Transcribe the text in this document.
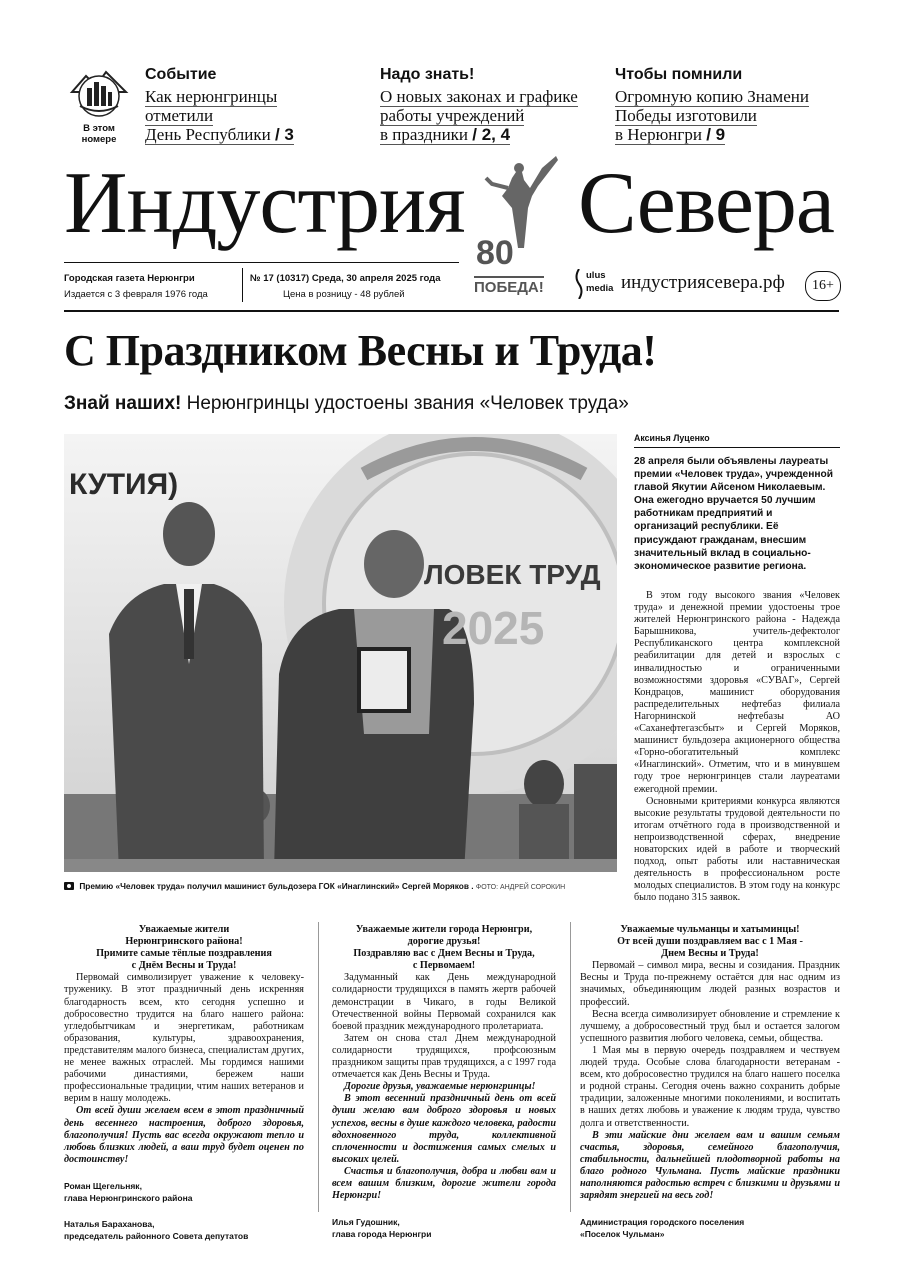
В этом номере
Событие
Как нерюнгринцы
отметили
День Республики / 3
Надо знать!
О новых законах и графике
работы учреждений
в праздники / 2, 4
Чтобы помнили
Огромную копию Знамени
Победы изготовили
в Нерюнгри / 9
Индустрия Севера
80
ПОБЕДА!
Городская газета Нерюнгри
Издается с 3 февраля 1976 года
№ 17 (10317) Среда, 30 апреля 2025 года
Цена в розницу - 48 рублей
ulus
media индустриясевера.рф	16+
С Праздником Весны и Труда!
Знай наших! Нерюнгринцы удостоены звания «Человек труда»
КУТИЯ)
ЛОВЕК ТРУД
2025
Премию «Человек труда» получил машинист бульдозера ГОК «Инаглинский» Сергей Моряков . ФОТО: АНДРЕЙ СОРОКИН
Аксинья Луценко
28 апреля были объявлены лауреаты премии «Человек труда», учрежденной главой Якутии Айсеном Николаевым. Она ежегодно вручается 50 лучшим работникам предприятий и организаций республики. Её присуждают гражданам, внесшим значительный вклад в социально-экономическое развитие региона.

В этом году высокого звания «Человек труда» и денежной премии удостоены трое жителей Нерюнгринского района - Надежда Барышникова, учитель-дефектолог Республиканского центра комплексной реабилитации для детей и взрослых с инвалидностью и ограниченными возможностями здоровья «СУВАГ», Сергей Кондрацов, машинист оборудования распределительных нефтебаз филиала Нагорнинской нефтебазы АО «Саханефтегазсбыт» и Сергей Моряков, машинист бульдозера акционерного общества «Горно-обогатительный комплекс «Инаглинский». Отметим, что и в минувшем году трое нерюнгринцев стали лауреатами ежегодной премии.

Основными критериями конкурса являются высокие результаты трудовой деятельности по итогам отчётного года в производственной и непроизводственной сферах, внедрение новаторских идей в работе и творческий подход, опыт работы или наставническая деятельность в профессиональном росте молодых специалистов. В этом году на конкурс было подано 315 заявок.

Уважаемые жители

Нерюнгринского района!

Примите самые тёплые поздравления

с Днём Весны и Труда!

Первомай символизирует уважение к человеку-труженику. В этот праздничный день искренняя благодарность всем, кто сегодня успешно и добросовестно трудится на благо нашего района: угледобытчикам и энергетикам, работникам образования, культуры, здравоохранения, представителям малого бизнеса, специалистам других, не менее важных отраслей. Мы гордимся нашими рабочими династиями, бережем наши профессиональные традиции, чтим наших ветеранов и верим в нашу молодежь.

От всей души желаем всем в этот праздничный день весеннего настроения, доброго здоровья, благополучия! Пусть вас всегда окружают тепло и любовь близких людей, а ваш труд будет оценен по достоинству!

Роман Щегельняк,
глава Нерюнгринского района
Наталья Бараханова,
председатель районного Совета депутатов

Уважаемые жители города Нерюнгри,

дорогие друзья!

Поздравляю вас с Днем Весны и Труда,

с Первомаем!

Задуманный как День международной солидарности трудящихся в память жертв рабочей демонстрации в Чикаго, в годы Великой Отечественной войны Первомай сохранился как боевой праздник международного пролетариата.

Затем он снова стал Днем международной солидарности трудящихся, профсоюзным праздником защиты прав трудящихся, а с 1997 года отмечается как День Весны и Труда.

Дорогие друзья, уважаемые нерюнгринцы!

В этот весенний праздничный день от всей души желаю вам доброго здоровья и новых успехов, весны в душе каждого человека, радости вдохновенного труда, коллективной сплоченности и достижения самых смелых и высоких целей.

Счастья и благополучия, добра и любви вам и всем вашим близким, дорогие жители города Нерюнгри!

Илья Гудошник,
глава города Нерюнгри

Уважаемые чульманцы и хатыминцы!

От всей души поздравляем вас с 1 Мая -

Днем Весны и Труда!

Первомай – символ мира, весны и созидания. Праздник Весны и Труда по-прежнему остаётся для нас одним из значимых, объединяющим людей разных возрастов и профессий.

Весна всегда символизирует обновление и стремление к лучшему, а добросовестный труд был и остается залогом успешного развития любого человека, семьи, общества.

1 Мая мы в первую очередь поздравляем и чествуем людей труда. Особые слова благодарности ветеранам - всем, кто добросовестно трудился на благо нашего поселка и родной страны. Сегодня очень важно сохранить добрые традиции, заложенные многими поколениями, и воспитать в наших детях любовь и уважение к людям труда, чувство долга и ответственности.

В эти майские дни желаем вам и вашим семьям счастья, здоровья, семейного благополучия, стабильности, дальнейшей плодотворной работы на благо родного Чульмана. Пусть майские праздники наполняются радостью встреч с близкими и друзьями и зарядят энергией на весь год!

Администрация городского поселения
«Поселок Чульман»
